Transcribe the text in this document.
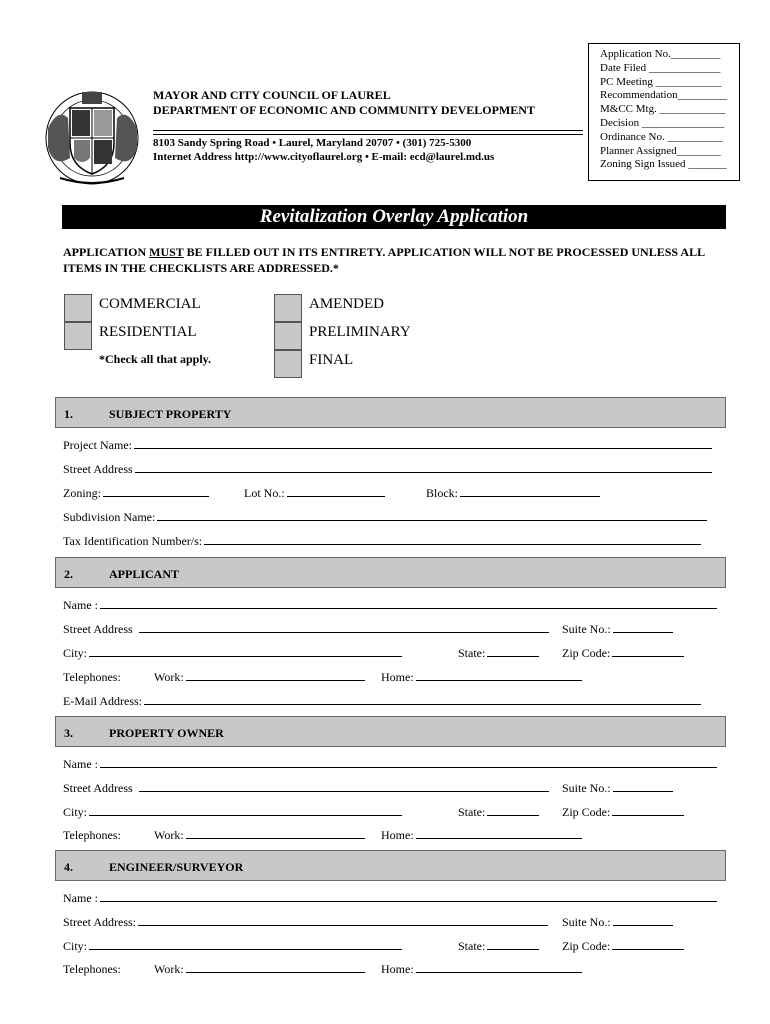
MAYOR AND CITY COUNCIL OF LAUREL
DEPARTMENT OF ECONOMIC AND COMMUNITY DEVELOPMENT
8103 Sandy Spring Road • Laurel, Maryland 20707 • (301) 725-5300
Internet Address http://www.cityoflaurel.org • E-mail: ecd@laurel.md.us
Application No._________
Date Filed _____________
PC Meeting ____________
Recommendation_________
M&CC Mtg. ____________
Decision _______________
Ordinance No. __________
Planner Assigned________
Zoning Sign Issued _______
Revitalization Overlay Application
APPLICATION MUST BE FILLED OUT IN ITS ENTIRETY. APPLICATION WILL NOT BE PROCESSED UNLESS ALL ITEMS IN THE CHECKLISTS ARE ADDRESSED.*
COMMERCIAL
RESIDENTIAL
*Check all that apply.
AMENDED
PRELIMINARY
FINAL
1.	SUBJECT PROPERTY
Project Name:
Street Address
Zoning:	Lot No.:	Block:
Subdivision Name:
Tax Identification Number/s:
2.	APPLICANT
Name :
Street Address	Suite No.:
City:	State:	Zip Code:
Telephones:	Work:	Home:
E-Mail Address:
3.	PROPERTY OWNER
Name :
Street Address	Suite No.:
City:	State:	Zip Code:
Telephones:	Work:	Home:
4.	ENGINEER/SURVEYOR
Name :
Street Address:	Suite No.:
City:	State:	Zip Code:
Telephones:	Work:	Home:
